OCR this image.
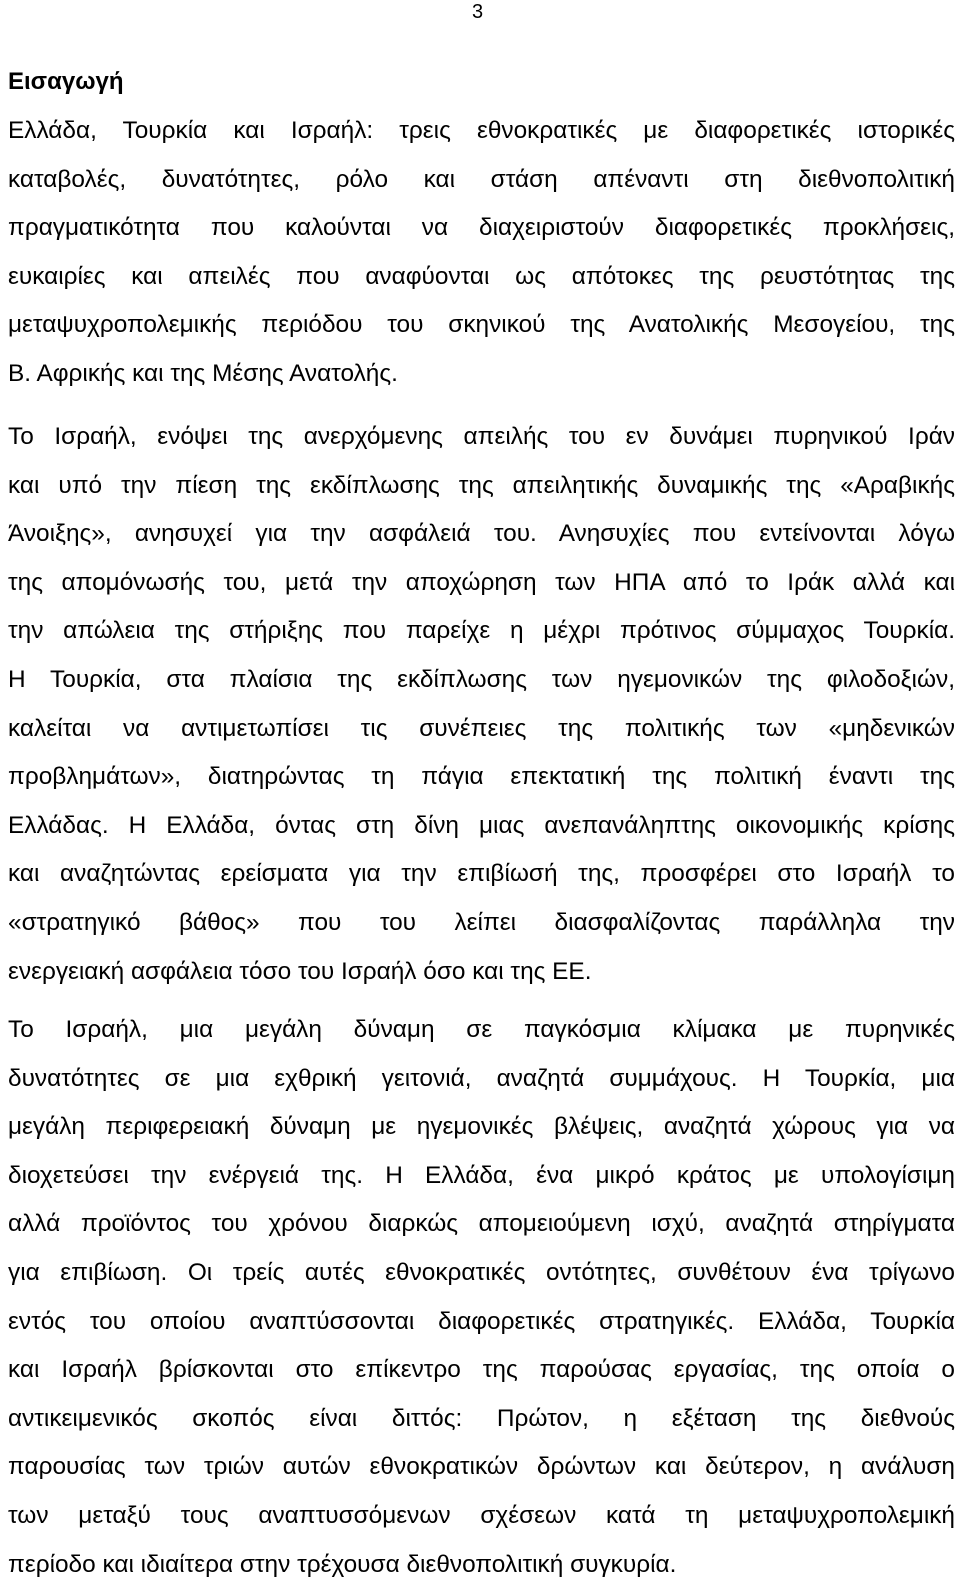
3
Εισαγωγή
Ελλάδα, Τουρκία και Ισραήλ: τρεις εθνοκρατικές με διαφορετικές ιστορικές
καταβολές, δυνατότητες, ρόλο και στάση απέναντι στη διεθνοπολιτική
πραγματικότητα που καλούνται να διαχειριστούν διαφορετικές προκλήσεις,
ευκαιρίες και απειλές που αναφύονται ως απότοκες της ρευστότητας της
μεταψυχροπολεμικής περιόδου του σκηνικού της Ανατολικής Μεσογείου, της
Β. Αφρικής και της Μέσης Ανατολής.
Το Ισραήλ, ενόψει της ανερχόμενης απειλής του εν δυνάμει πυρηνικού Ιράν
και υπό την πίεση της εκδίπλωσης της απειλητικής δυναμικής της «Αραβικής
Άνοιξης», ανησυχεί για την ασφάλειά του. Ανησυχίες που εντείνονται λόγω
της απομόνωσής του, μετά την αποχώρηση των ΗΠΑ από το Ιράκ αλλά και
την απώλεια της στήριξης που παρείχε η μέχρι πρότινος σύμμαχος Τουρκία.
Η Τουρκία, στα πλαίσια της εκδίπλωσης των ηγεμονικών της φιλοδοξιών,
καλείται να αντιμετωπίσει τις συνέπειες της πολιτικής των «μηδενικών
προβλημάτων», διατηρώντας τη πάγια επεκτατική της πολιτική έναντι της
Ελλάδας. Η Ελλάδα, όντας στη δίνη μιας ανεπανάληπτης οικονομικής κρίσης
και αναζητώντας ερείσματα για την επιβίωσή της, προσφέρει στο Ισραήλ το
«στρατηγικό βάθος» που του λείπει διασφαλίζοντας παράλληλα την
ενεργειακή ασφάλεια τόσο του Ισραήλ όσο και της ΕΕ.
Το Ισραήλ, μια μεγάλη δύναμη σε παγκόσμια κλίμακα με πυρηνικές
δυνατότητες σε μια εχθρική γειτονιά, αναζητά συμμάχους. Η Τουρκία, μια
μεγάλη περιφερειακή δύναμη με ηγεμονικές βλέψεις, αναζητά χώρους για να
διοχετεύσει την ενέργειά της. Η Ελλάδα, ένα μικρό κράτος με υπολογίσιμη
αλλά προϊόντος του χρόνου διαρκώς απομειούμενη ισχύ, αναζητά στηρίγματα
για επιβίωση. Οι τρείς αυτές εθνοκρατικές οντότητες, συνθέτουν ένα τρίγωνο
εντός του οποίου αναπτύσσονται διαφορετικές στρατηγικές. Ελλάδα, Τουρκία
και Ισραήλ βρίσκονται στο επίκεντρο της παρούσας εργασίας, της οποία ο
αντικειμενικός σκοπός είναι διττός: Πρώτον, η εξέταση της διεθνούς
παρουσίας των τριών αυτών εθνοκρατικών δρώντων και δεύτερον, η ανάλυση
των μεταξύ τους αναπτυσσόμενων σχέσεων κατά τη μεταψυχροπολεμική
περίοδο και ιδιαίτερα στην τρέχουσα διεθνοπολιτική συγκυρία.
